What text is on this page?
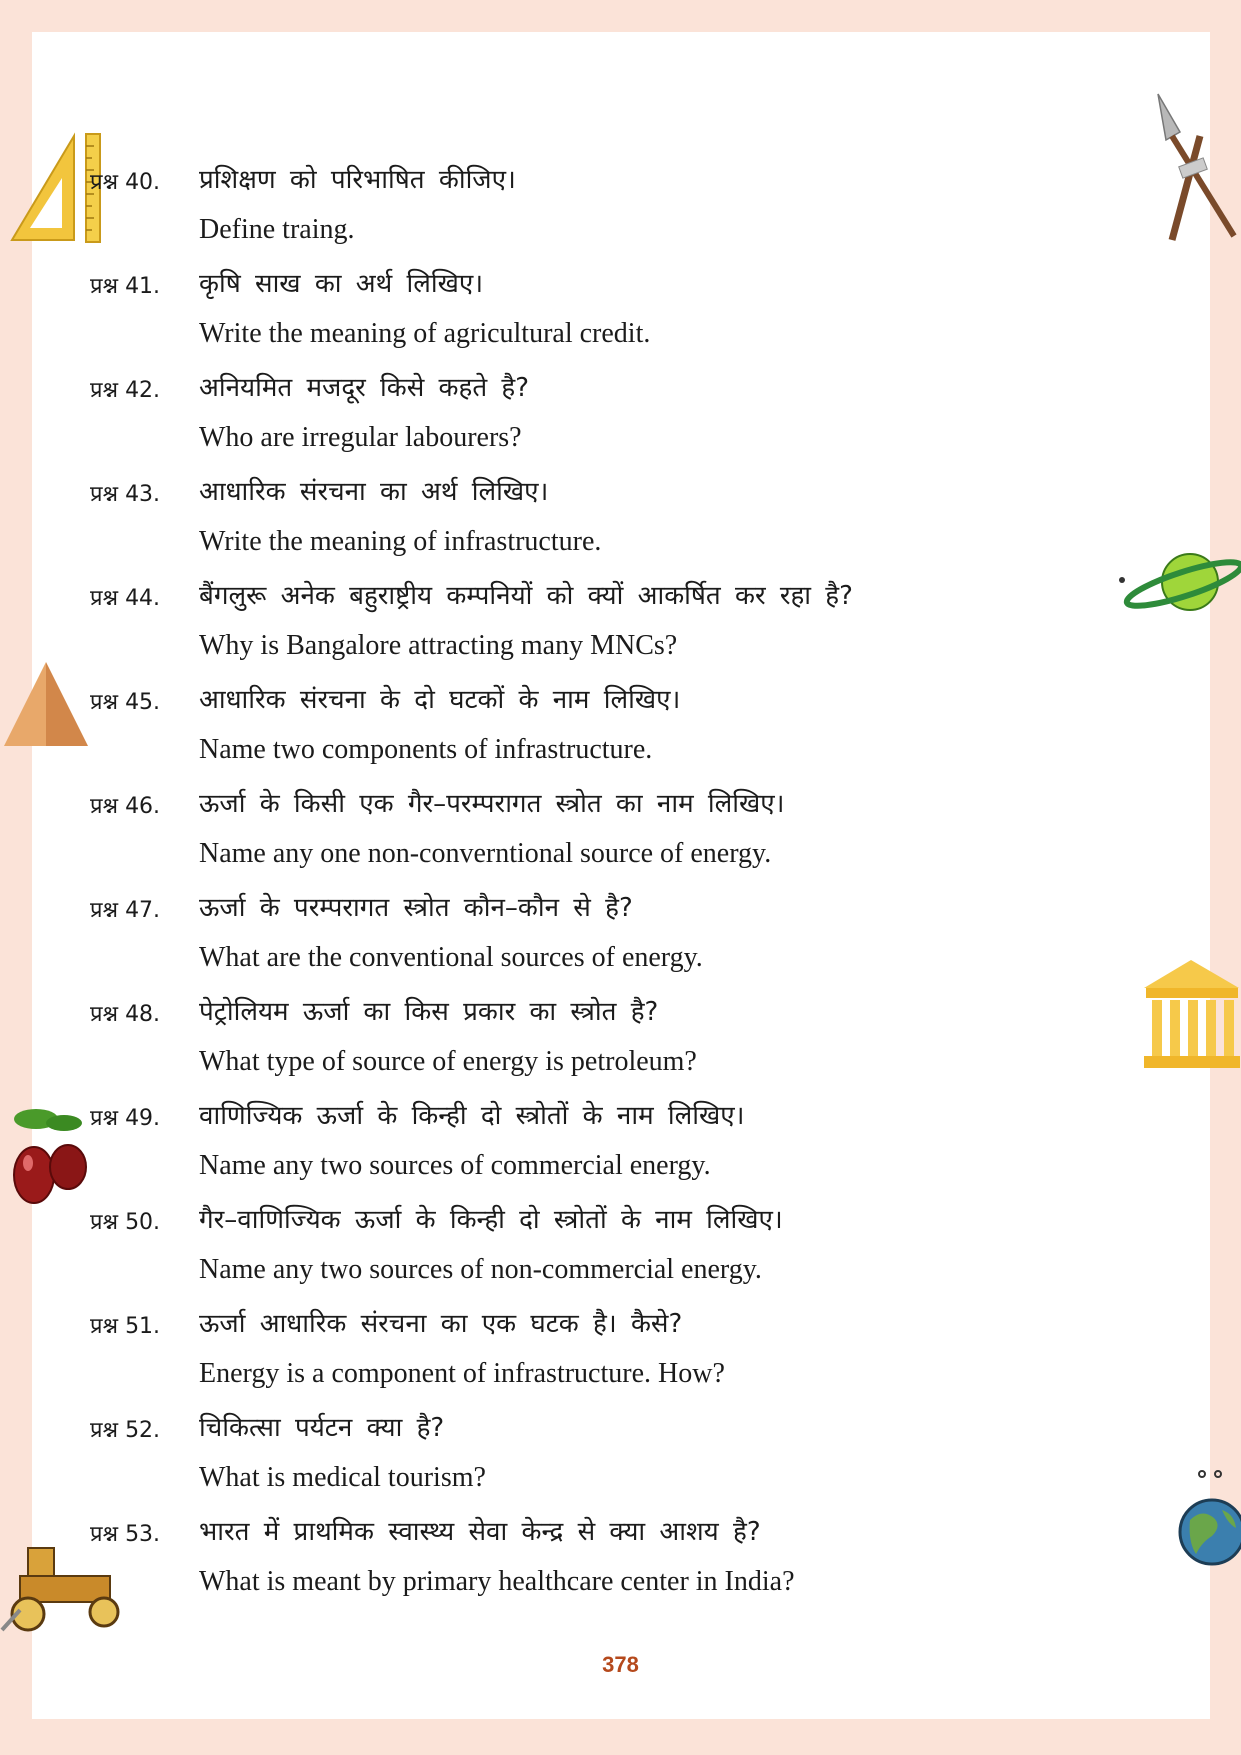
प्रश्न 40. प्रशिक्षण को परिभाषित कीजिए।
Define traing.
प्रश्न 41. कृषि साख का अर्थ लिखिए।
Write the meaning of agricultural credit.
प्रश्न 42. अनियमित मजदूर किसे कहते है?
Who are irregular labourers?
प्रश्न 43. आधारिक संरचना का अर्थ लिखिए।
Write the meaning of infrastructure.
प्रश्न 44. बैंगलुरू अनेक बहुराष्ट्रीय कम्पनियों को क्यों आकर्षित कर रहा है?
Why is Bangalore attracting many MNCs?
प्रश्न 45. आधारिक संरचना के दो घटकों के नाम लिखिए।
Name two components of infrastructure.
प्रश्न 46. ऊर्जा के किसी एक गैर–परम्परागत स्त्रोत का नाम लिखिए।
Name any one non-converntional source of energy.
प्रश्न 47. ऊर्जा के परम्परागत स्त्रोत कौन–कौन से है?
What are the conventional sources of energy.
प्रश्न 48. पेट्रोलियम ऊर्जा का किस प्रकार का स्त्रोत है?
What type of source of energy is petroleum?
प्रश्न 49. वाणिज्यिक ऊर्जा के किन्ही दो स्त्रोतों के नाम लिखिए।
Name any two sources of commercial energy.
प्रश्न 50. गैर–वाणिज्यिक ऊर्जा के किन्ही दो स्त्रोतों के नाम लिखिए।
Name any two sources of non-commercial energy.
प्रश्न 51. ऊर्जा आधारिक संरचना का एक घटक है। कैसे?
Energy is a component of infrastructure. How?
प्रश्न 52. चिकित्सा पर्यटन क्या है?
What is medical tourism?
प्रश्न 53. भारत में प्राथमिक स्वास्थ्य सेवा केन्द्र से क्या आशय है?
What is meant by primary healthcare center in India?
378
